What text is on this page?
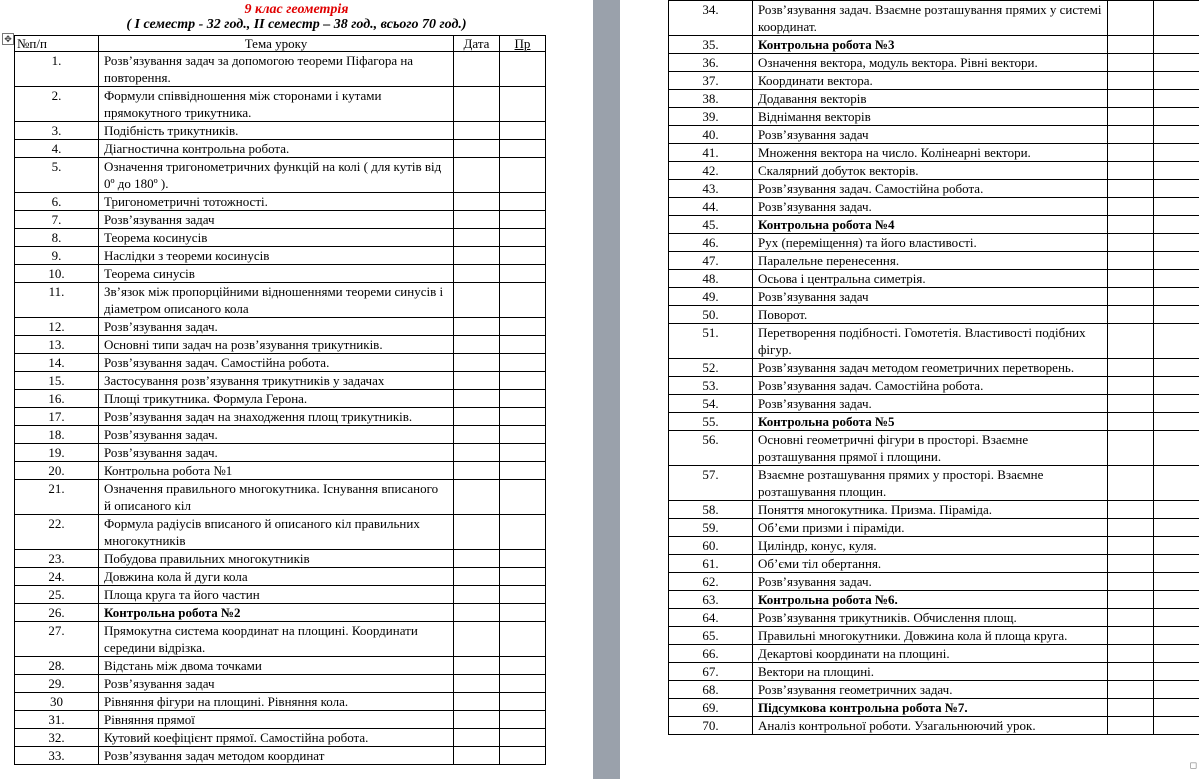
✥
9 клас геометрія
( І семестр - 32 год., ІІ семестр – 38 год., всього 70 год.)
№п/п	Тема уроку	Дата	Пр
1.	Розв’язування задач за допомогою теореми Піфагора на повторення.		
2.	Формули співвідношення між сторонами і кутами прямокутного трикутника.		
3.	Подібність трикутників.		
4.	Діагностична контрольна робота.		
5.	Означення тригонометричних функцій на колі ( для кутів від 0º до 180º ).		
6.	Тригонометричні тотожності.		
7.	Розв’язування задач		
8.	Теорема косинусів		
9.	Наслідки з теореми косинусів		
10.	Теорема синусів		
11.	Зв’язок між пропорційними відношеннями теореми синусів і діаметром описаного кола		
12.	Розв’язування задач.		
13.	Основні типи задач на розв’язування трикутників.		
14.	Розв’язування задач. Самостійна робота.		
15.	Застосування розв’язування трикутників у задачах		
16.	Площі трикутника. Формула Герона.		
17.	Розв’язування задач на знаходження площ трикутників.		
18.	Розв’язування задач.		
19.	Розв’язування задач.		
20.	Контрольна робота №1		
21.	Означення правильного многокутника. Існування вписаного й описаного кіл		
22.	Формула радіусів вписаного й описаного кіл правильних многокутників		
23.	Побудова правильних многокутників		
24.	Довжина кола й дуги кола		
25.	Площа круга та його частин		
26.	Контрольна робота №2		
27.	Прямокутна система координат на площині. Координати середини відрізка.		
28.	Відстань між двома точками		
29.	Розв’язування задач		
30	Рівняння фігури на площині. Рівняння кола.		
31.	Рівняння прямої		
32.	Кутовий коефіцієнт прямої. Самостійна робота.		
33.	Розв’язування задач методом координат		
34.	Розв’язування задач. Взаємне розташування прямих у системі координат.		
35.	Контрольна робота №3		
36.	Означення вектора, модуль вектора. Рівні вектори.		
37.	Координати вектора.		
38.	Додавання векторів		
39.	Віднімання векторів		
40.	Розв’язування задач		
41.	Множення вектора на число. Колінеарні вектори.		
42.	Скалярний добуток векторів.		
43.	Розв’язування задач. Самостійна робота.		
44.	Розв’язування задач.		
45.	Контрольна робота №4		
46.	Рух (переміщення) та його властивості.		
47.	Паралельне перенесення.		
48.	Осьова і центральна симетрія.		
49.	Розв’язування задач		
50.	Поворот.		
51.	Перетворення подібності. Гомотетія. Властивості подібних фігур.		
52.	Розв’язування задач методом геометричних перетворень.		
53.	Розв’язування задач. Самостійна робота.		
54.	Розв’язування задач.		
55.	Контрольна робота №5		
56.	Основні геометричні фігури в просторі. Взаємне розташування прямої і площини.		
57.	Взаємне розташування прямих у просторі. Взаємне розташування площин.		
58.	Поняття многокутника. Призма. Піраміда.		
59.	Об’єми призми і піраміди.		
60.	Циліндр, конус, куля.		
61.	Об’єми тіл обертання.		
62.	Розв’язування задач.		
63.	Контрольна робота №6.		
64.	Розв’язування трикутників. Обчислення площ.		
65.	Правильні многокутники. Довжина кола й площа круга.		
66.	Декартові координати на площині.		
67.	Вектори на площині.		
68.	Розв’язування геометричних задач.		
69.	Підсумкова контрольна робота №7.		
70.	Аналіз контрольної роботи. Узагальнюючий урок.		
◻
